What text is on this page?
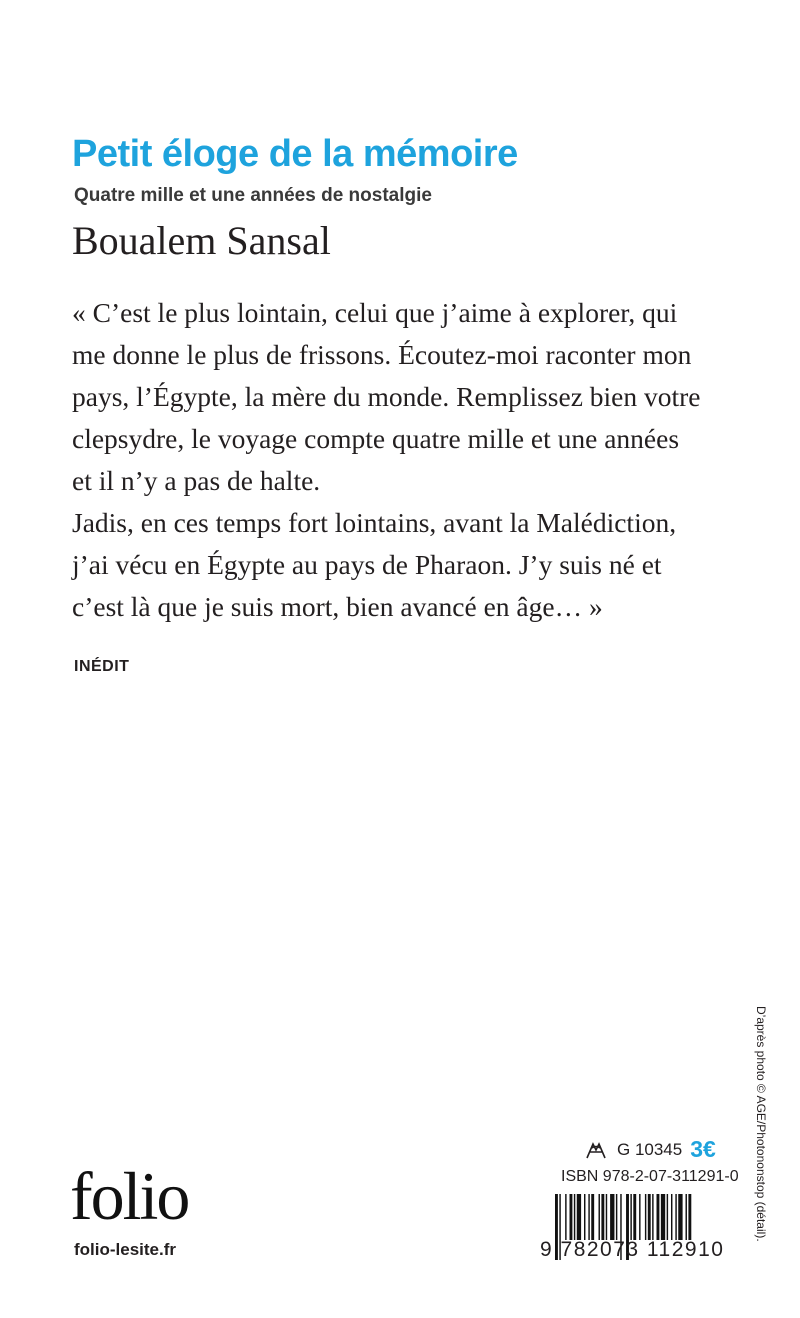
Petit éloge de la mémoire
Quatre mille et une années de nostalgie
Boualem Sansal
« C’est le plus lointain, celui que j’aime à explorer, qui
me donne le plus de frissons. Écoutez-moi raconter mon
pays, l’Égypte, la mère du monde. Remplissez bien votre
clepsydre, le voyage compte quatre mille et une années
et il n’y a pas de halte.
Jadis, en ces temps fort lointains, avant la Malédiction,
j’ai vécu en Égypte au pays de Pharaon. J’y suis né et
c’est là que je suis mort, bien avancé en âge… »
INÉDIT
folio
folio-lesite.fr
G 10345 3€
ISBN 978-2-07-311291-0
9 782073 112910
D’après photo © AGE/Photononstop (détail).
